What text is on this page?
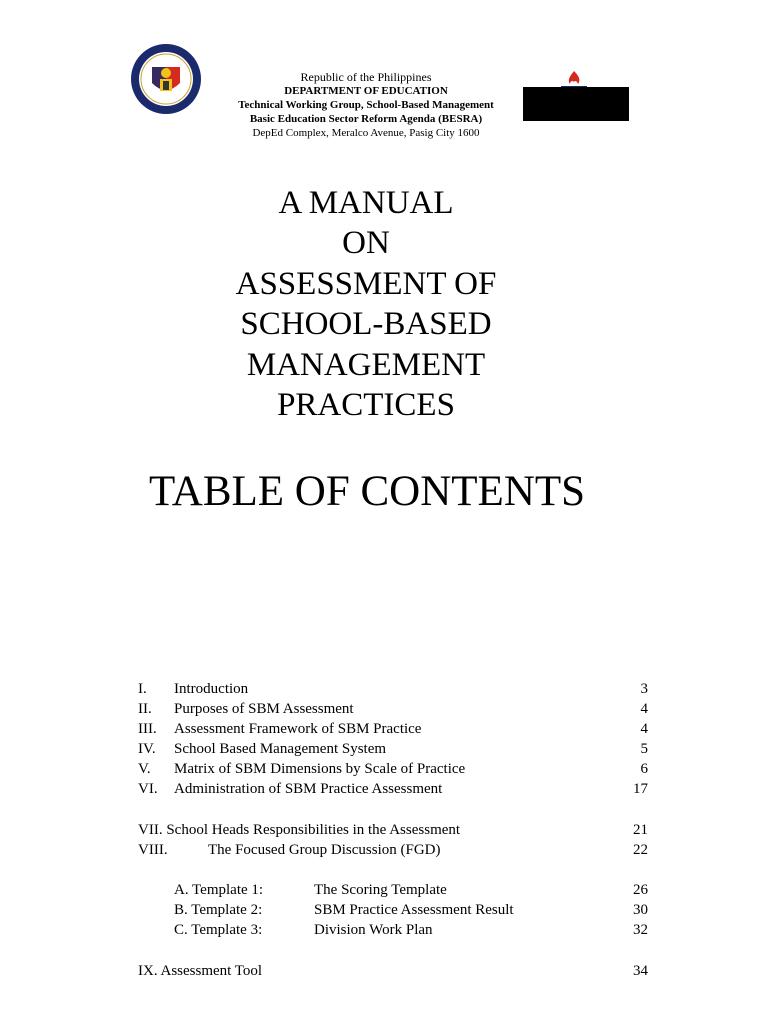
Republic of the Philippines
DEPARTMENT OF EDUCATION
Technical Working Group, School-Based Management
Basic Education Sector Reform Agenda (BESRA)
DepEd Complex, Meralco Avenue, Pasig City 1600
A MANUAL
ON
ASSESSMENT OF
SCHOOL-BASED
MANAGEMENT
PRACTICES
TABLE OF CONTENTS
I. Introduction	3
II. Purposes of SBM Assessment	4
III. Assessment Framework of SBM Practice	4
IV. School Based Management System	5
V. Matrix of SBM Dimensions by Scale of Practice	6
VI. Administration of SBM Practice Assessment	17
VII. School Heads Responsibilities in the Assessment	21
VIII.	The Focused Group Discussion (FGD)	22
A. Template 1:	The Scoring Template	26
B. Template 2:	SBM Practice Assessment Result	30
C. Template 3:	Division Work Plan	32
IX. Assessment Tool	34
